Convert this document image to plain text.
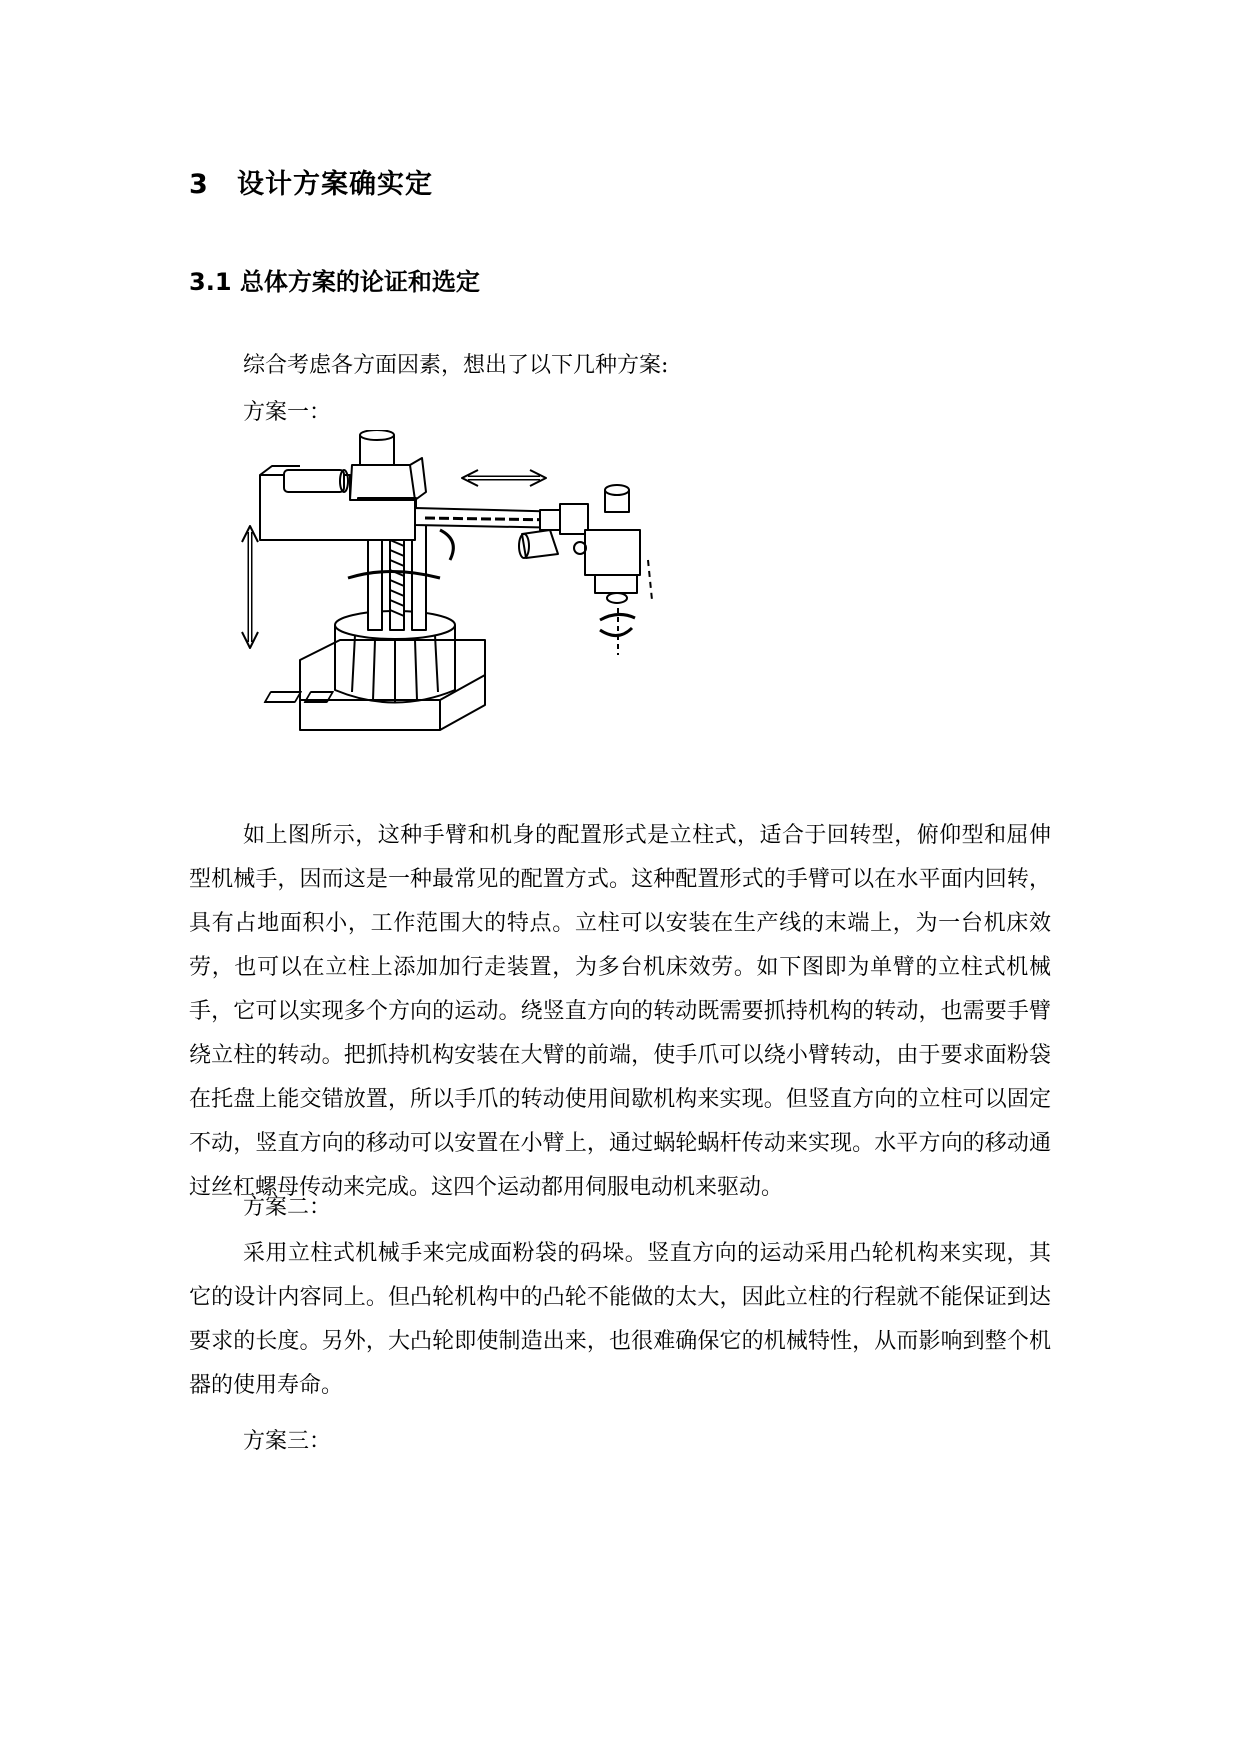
3 设计方案确实定
3.1 总体方案的论证和选定
综合考虑各方面因素，想出了以下几种方案:
方案一：
如上图所示，这种手臂和机身的配置形式是立柱式，适合于回转型，俯仰型和屈伸型机械手，因而这是一种最常见的配置方式。这种配置形式的手臂可以在水平面内回转，具有占地面积小，工作范围大的特点。立柱可以安装在生产线的末端上，为一台机床效劳，也可以在立柱上添加加行走装置，为多台机床效劳。如下图即为单臂的立柱式机械手，它可以实现多个方向的运动。绕竖直方向的转动既需要抓持机构的转动，也需要手臂绕立柱的转动。把抓持机构安装在大臂的前端，使手爪可以绕小臂转动，由于要求面粉袋在托盘上能交错放置，所以手爪的转动使用间歇机构来实现。但竖直方向的立柱可以固定不动，竖直方向的移动可以安置在小臂上，通过蜗轮蜗杆传动来实现。水平方向的移动通过丝杠螺母传动来完成。这四个运动都用伺服电动机来驱动。
方案二：
采用立柱式机械手来完成面粉袋的码垛。竖直方向的运动采用凸轮机构来实现，其它的设计内容同上。但凸轮机构中的凸轮不能做的太大，因此立柱的行程就不能保证到达要求的长度。另外，大凸轮即使制造出来，也很难确保它的机械特性，从而影响到整个机器的使用寿命。
方案三：
